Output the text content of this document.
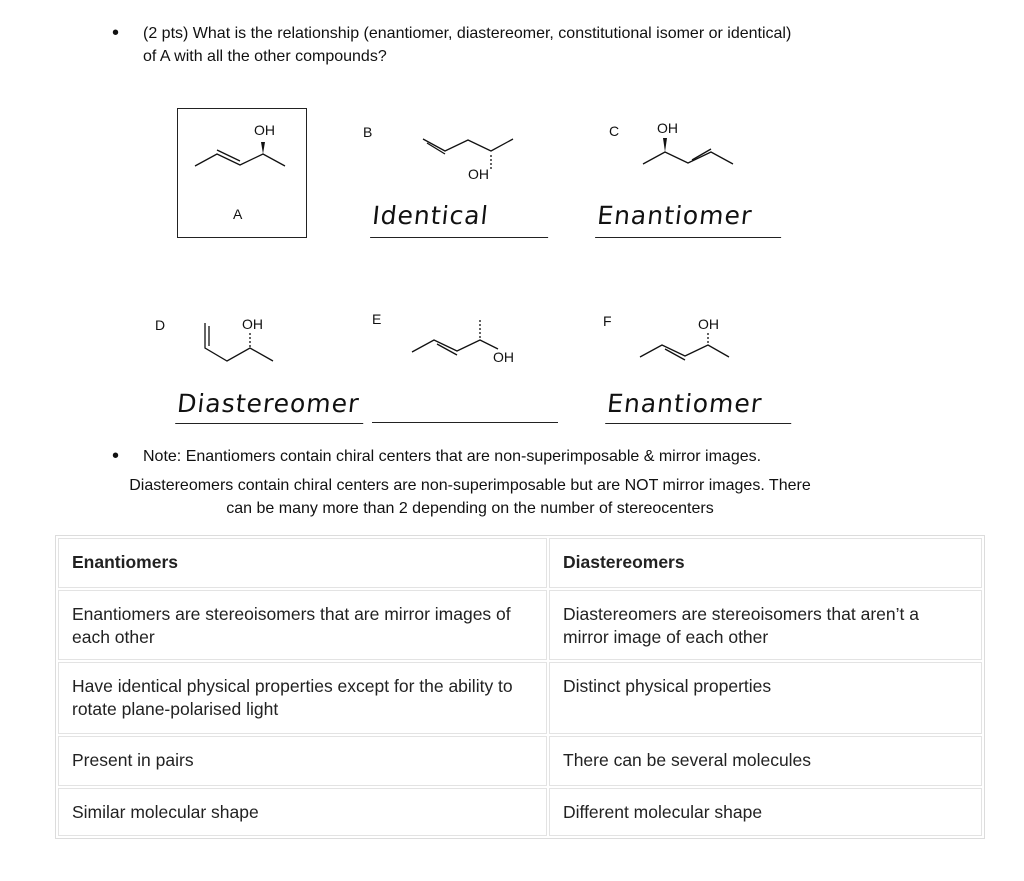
• (2 pts) What is the relationship (enantiomer, diastereomer, constitutional isomer or identical)
of A with all the other compounds?
OH
A
B
OH
C	OH
Identical	Enantiomer
D	OH	E
OH
F	OH
Diastereomer	Enantiomer
• Note: Enantiomers contain chiral centers that are non-superimposable & mirror images.
Diastereomers contain chiral centers are non-superimposable but are NOT mirror images. There
can be many more than 2 depending on the number of stereocenters
Enantiomers	Diastereomers
Enantiomers are stereoisomers that are mirror images of each other	Diastereomers are stereoisomers that aren’t a mirror image of each other
Have identical physical properties except for the ability to rotate plane-polarised light	Distinct physical properties
Present in pairs	There can be several molecules
Similar molecular shape	Different molecular shape
